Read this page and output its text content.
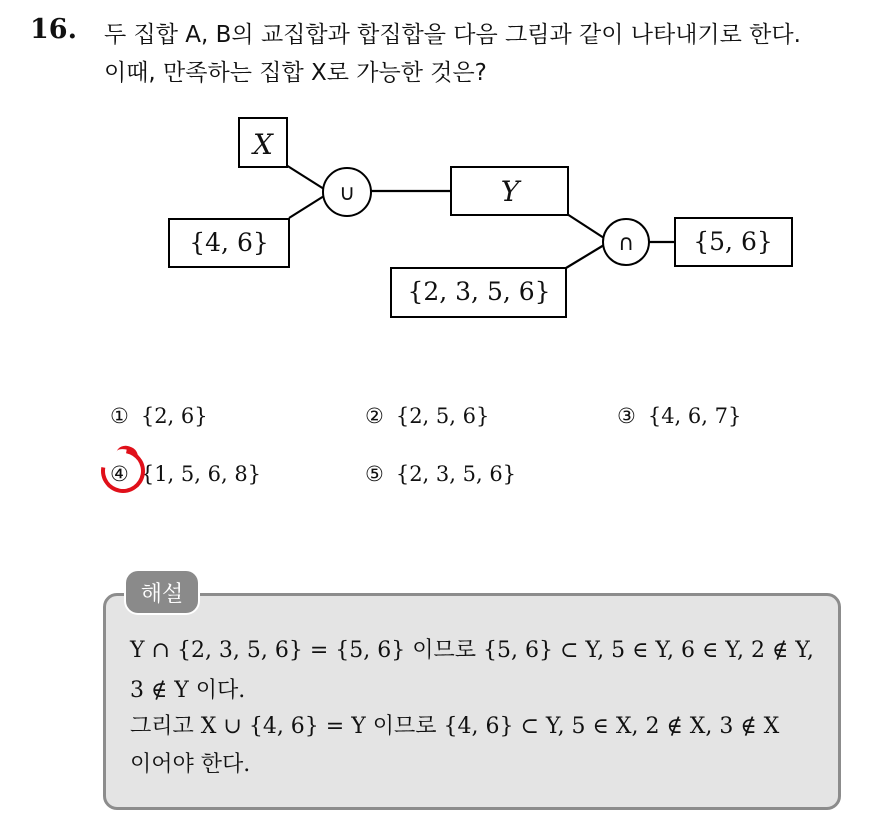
16. 두 집합 A, B의 교집합과 합집합을 다음 그림과 같이 나타내기로 한다.
이때, 만족하는 집합 X로 가능한 것은?
X
{4, 6}
∪	Y
{2, 3, 5, 6}
∩ {5, 6}
① {2, 6}	② {2, 5, 6}	③ {4, 6, 7}
④ {1, 5, 6, 8}	⑤ {2, 3, 5, 6}
해설
Y ∩ {2, 3, 5, 6} = {5, 6} 이므로 {5, 6} ⊂ Y, 5 ∈ Y, 6 ∈ Y, 2 ∉ Y,
3 ∉ Y 이다.
그리고 X ∪ {4, 6} = Y 이므로 {4, 6} ⊂ Y, 5 ∈ X, 2 ∉ X, 3 ∉ X
이어야 한다.
